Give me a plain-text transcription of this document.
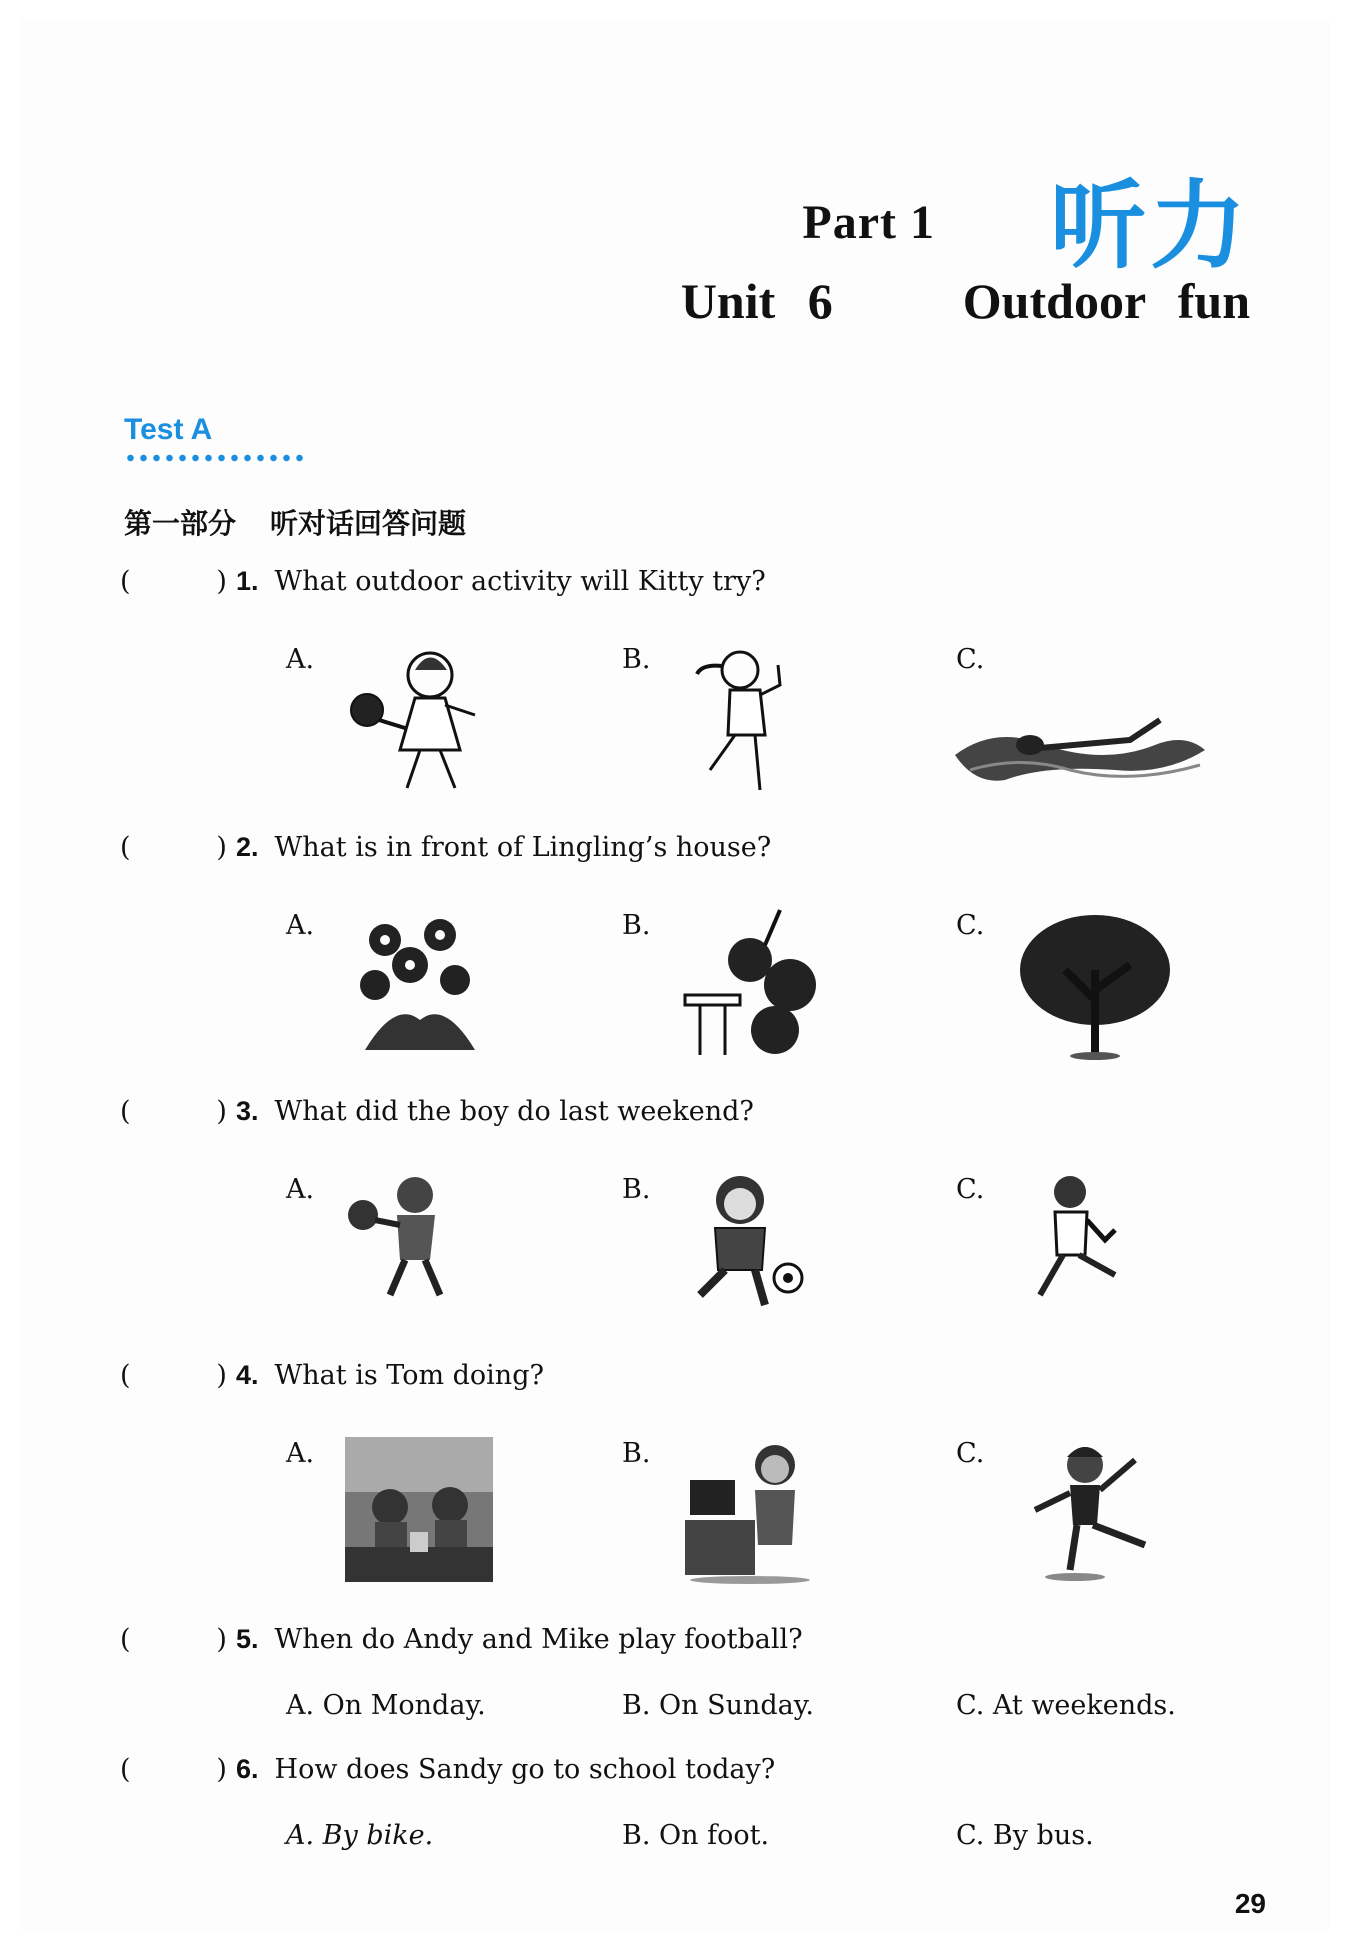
Part 1 听力
Unit 6    Outdoor fun
Test A
第一部分 听对话回答问题
(          ) 1. What outdoor activity will Kitty try?
A.	B.	C.
(          ) 2. What is in front of Lingling’s house?
A.	B.	C.
(          ) 3. What did the boy do last weekend?
A.	B.	C.
(          ) 4. What is Tom doing?
A.	B.	C.
(          ) 5. When do Andy and Mike play football?
A. On Monday.	B. On Sunday.	C. At weekends.
(          ) 6. How does Sandy go to school today?
A. By bike.	B. On foot.	C. By bus.
29
